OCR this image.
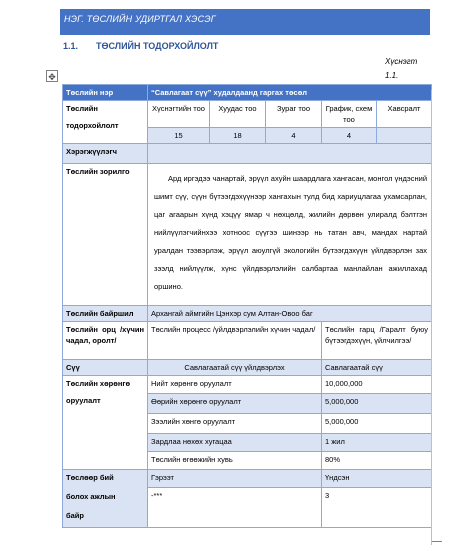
НЭГ. ТӨСЛИЙН УДИРТГАЛ ХЭСЭГ
1.1. ТӨСЛИЙН ТОДОРХОЙЛОЛТ
Хүснэгт
1.1.
✥
Төслийн нэр	“Савлагаат сүү” худалдаанд гаргах төсөл				

Төслийн
тодорхойлолт	Хүснэгтийн тоо	Хуудас тоо	Зураг тоо	График, схем тоо	Хавсралт
	15	18	4	4	
Хэрэгжүүлэгч					
Төслийн зорилго	Ард иргэдээ чанартай, эрүүл ахуйн шаардлага хангасан, монгол үндэсний шимт сүү, сүүн бүтээгдэхүүнээр хангахын тулд бид хариуцлагаа ухамсарлан, цаг агаарын хүнд хэцүү ямар ч нөхцөлд, жилийн дөрвөн улиралд бэлтгэн нийлүүлэгчийнхээ хотноос сүүгээ шинээр нь татан авч, мандах нартай уралдан тээвэрлэж, эрүүл аюулгүй экологийн бүтээгдэхүүн үйлдвэрлэн зах зээлд нийлүүлж, хүнс үйлдвэрлэлийн салбартаа манлайлан ажиллахад оршино.				
Төслийн байршил	Архангай аймгийн Цэнхэр сум Алтан-Овоо баг				
Төслийн орц /хүчин чадал, оролт/	Төслийн процесс /үйлдвэрлэлийн хүчин чадал/			Төслийн гарц /Гаралт буюу бүтээгдэхүүн, үйлчилгээ/	
Сүү	Савлагаатай сүү үйлдвэрлэх			Савлагаатай сүү	

Төслийн хөрөнгө
оруулалт	Нийт хөрөнгө оруулалт			10,000,000	
	Өөрийн хөрөнгө оруулалт			5,000,000	
	Зээлийн хөнгө оруулалт			5,000,000	
	Зардлаа нөхөх хугацаа			1 жил	
	Төслийн өгөөжийн хувь			80%	

Төслөөр бий
болох ажлын
байр	Гэрээт			Үндсэн	
	-***			3	
